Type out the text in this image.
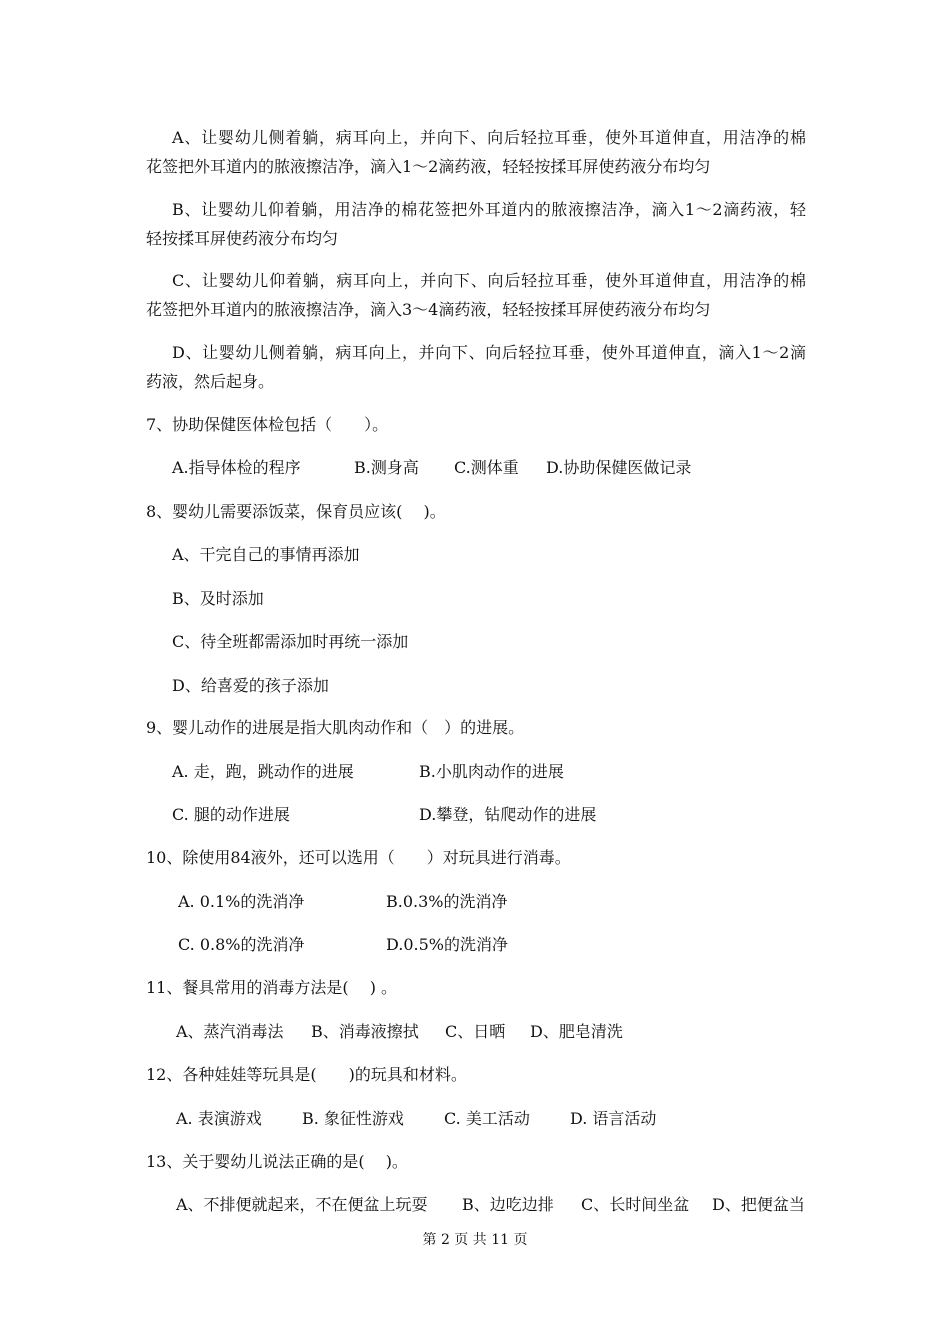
A、让婴幼儿侧着躺，病耳向上，并向下、向后轻拉耳垂，使外耳道伸直，用洁净的棉
花签把外耳道内的脓液擦洁净，滴入1～2滴药液，轻轻按揉耳屏使药液分布均匀
B、让婴幼儿仰着躺，用洁净的棉花签把外耳道内的脓液擦洁净，滴入1～2滴药液，轻
轻按揉耳屏使药液分布均匀
C、让婴幼儿仰着躺，病耳向上，并向下、向后轻拉耳垂，使外耳道伸直，用洁净的棉
花签把外耳道内的脓液擦洁净，滴入3～4滴药液，轻轻按揉耳屏使药液分布均匀
D、让婴幼儿侧着躺，病耳向上，并向下、向后轻拉耳垂，使外耳道伸直，滴入1～2滴
药液，然后起身。
7、协助保健医体检包括（　　）。
A.指导体检的程序	B.测身高 C.测体重 D.协助保健医做记录
8、婴幼儿需要添饭菜，保育员应该(　 )。
A、干完自己的事情再添加
B、及时添加
C、待全班都需添加时再统一添加
D、给喜爱的孩子添加
9、婴儿动作的进展是指大肌肉动作和（　）的进展。
A. 走，跑，跳动作的进展	B.小肌肉动作的进展
C. 腿的动作进展	D.攀登，钻爬动作的进展
10、除使用84液外，还可以选用（　　）对玩具进行消毒。
A. 0.1%的洗消净	B.0.3%的洗消净
C. 0.8%的洗消净	D.0.5%的洗消净
11、餐具常用的消毒方法是(　 ) 。
A、蒸汽消毒法 B、消毒液擦拭 C、日晒 D、肥皂清洗
12、各种娃娃等玩具是(　　)的玩具和材料。
A. 表演游戏	B. 象征性游戏	C. 美工活动	D. 语言活动
13、关于婴幼儿说法正确的是(　 )。
A、不排便就起来，不在便盆上玩耍 B、边吃边排 C、长时间坐盆 D、把便盆当
第 2 页 共 11 页
